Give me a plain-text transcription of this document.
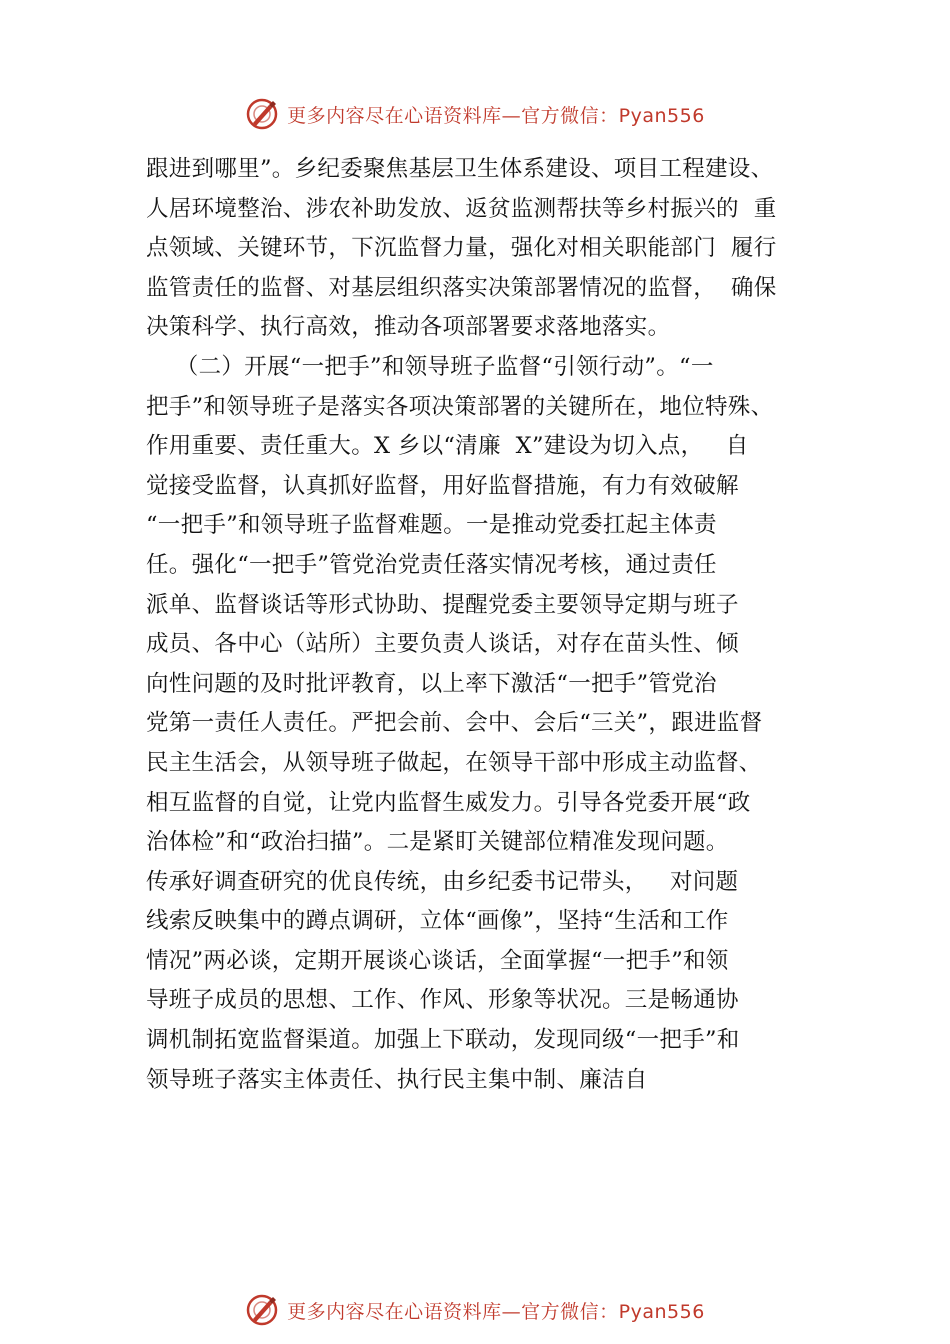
更多内容尽在心语资料库—官方微信：Pyan556
跟进到哪里”。乡纪委聚焦基层卫生体系建设、项目工程建设、
人居环境整治、涉农补助发放、返贫监测帮扶等乡村振兴的  重
点领域、关键环节，下沉监督力量，强化对相关职能部门  履行
监管责任的监督、对基层组织落实决策部署情况的监督，  确保
决策科学、执行高效，推动各项部署要求落地落实。
（二）开展“一把手”和领导班子监督“引领行动”。“一
把手”和领导班子是落实各项决策部署的关键所在，地位特殊、
作用重要、责任重大。X 乡以“清廉  X”建设为切入点，   自
觉接受监督，认真抓好监督，用好监督措施，有力有效破解
“一把手”和领导班子监督难题。一是推动党委扛起主体责
任。强化“一把手”管党治党责任落实情况考核，通过责任
派单、监督谈话等形式协助、提醒党委主要领导定期与班子
成员、各中心（站所）主要负责人谈话，对存在苗头性、倾
向性问题的及时批评教育，以上率下激活“一把手”管党治
党第一责任人责任。严把会前、会中、会后“三关”，跟进监督
民主生活会，从领导班子做起，在领导干部中形成主动监督、
相互监督的自觉，让党内监督生威发力。引导各党委开展“政
治体检”和“政治扫描”。二是紧盯关键部位精准发现问题。
传承好调查研究的优良传统，由乡纪委书记带头，   对问题
线索反映集中的蹲点调研，立体“画像”，坚持“生活和工作
情况”两必谈，定期开展谈心谈话，全面掌握“一把手”和领
导班子成员的思想、工作、作风、形象等状况。三是畅通协
调机制拓宽监督渠道。加强上下联动，发现同级“一把手”和
领导班子落实主体责任、执行民主集中制、廉洁自
更多内容尽在心语资料库—官方微信：Pyan556
